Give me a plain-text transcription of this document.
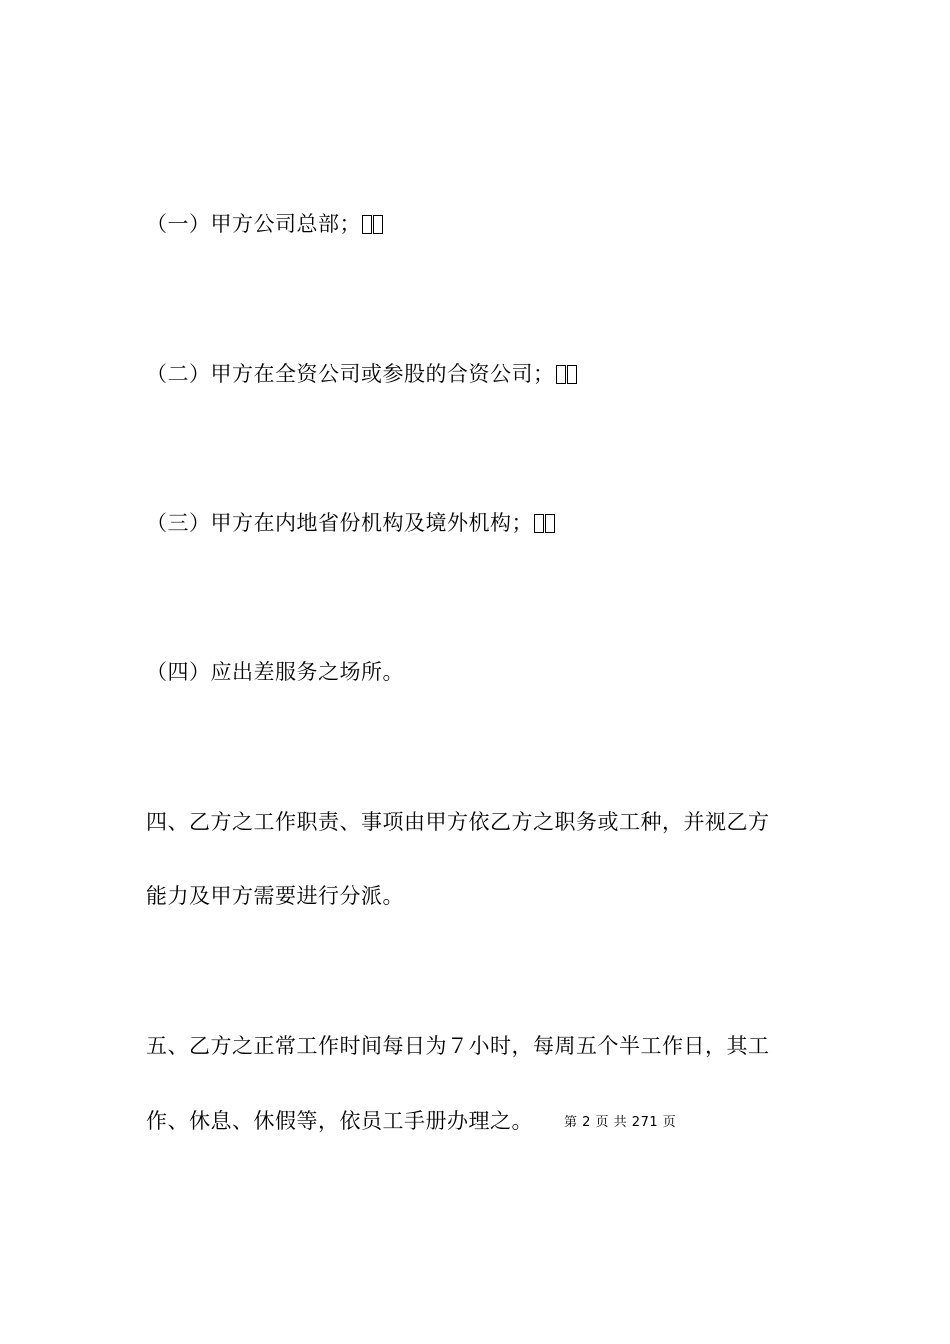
（一）甲方公司总部；
（二）甲方在全资公司或参股的合资公司；
（三）甲方在内地省份机构及境外机构；
（四）应出差服务之场所。
四、乙方之工作职责、事项由甲方依乙方之职务或工种，并视乙方
能力及甲方需要进行分派。
五、乙方之正常工作时间每日为７小时，每周五个半工作日，其工
作、休息、休假等，依员工手册办理之。 第 2 页 共 271 页
